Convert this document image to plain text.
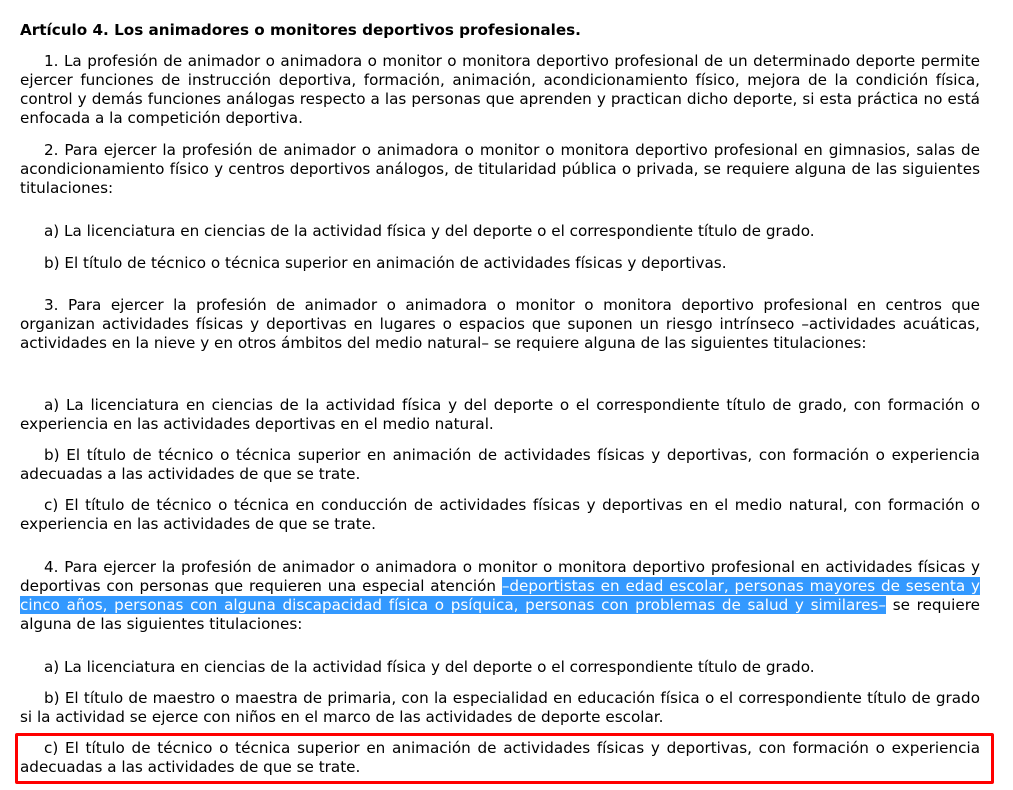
Artículo 4. Los animadores o monitores deportivos profesionales.

1. La profesión de animador o animadora o monitor o monitora deportivo profesional de un determinado deporte permite ejercer funciones de instrucción deportiva, formación, animación, acondicionamiento físico, mejora de la condición física, control y demás funciones análogas respecto a las personas que aprenden y practican dicho deporte, si esta práctica no está enfocada a la competición deportiva.

2. Para ejercer la profesión de animador o animadora o monitor o monitora deportivo profesional en gimnasios, salas de acondicionamiento físico y centros deportivos análogos, de titularidad pública o privada, se requiere alguna de las siguientes titulaciones:

a) La licenciatura en ciencias de la actividad física y del deporte o el correspondiente título de grado.

b) El título de técnico o técnica superior en animación de actividades físicas y deportivas.

3. Para ejercer la profesión de animador o animadora o monitor o monitora deportivo profesional en centros que organizan actividades físicas y deportivas en lugares o espacios que suponen un riesgo intrínseco –actividades acuáticas, actividades en la nieve y en otros ámbitos del medio natural– se requiere alguna de las siguientes titulaciones:

a) La licenciatura en ciencias de la actividad física y del deporte o el correspondiente título de grado, con formación o experiencia en las actividades deportivas en el medio natural.

b) El título de técnico o técnica superior en animación de actividades físicas y deportivas, con formación o experiencia adecuadas a las actividades de que se trate.

c) El título de técnico o técnica en conducción de actividades físicas y deportivas en el medio natural, con formación o experiencia en las actividades de que se trate.

4. Para ejercer la profesión de animador o animadora o monitor o monitora deportivo profesional en actividades físicas y deportivas con personas que requieren una especial atención –deportistas en edad escolar, personas mayores de sesenta y cinco años, personas con alguna discapacidad física o psíquica, personas con problemas de salud y similares– se requiere alguna de las siguientes titulaciones:

a) La licenciatura en ciencias de la actividad física y del deporte o el correspondiente título de grado.

b) El título de maestro o maestra de primaria, con la especialidad en educación física o el correspondiente título de grado si la actividad se ejerce con niños en el marco de las actividades de deporte escolar.

c) El título de técnico o técnica superior en animación de actividades físicas y deportivas, con formación o experiencia adecuadas a las actividades de que se trate.
